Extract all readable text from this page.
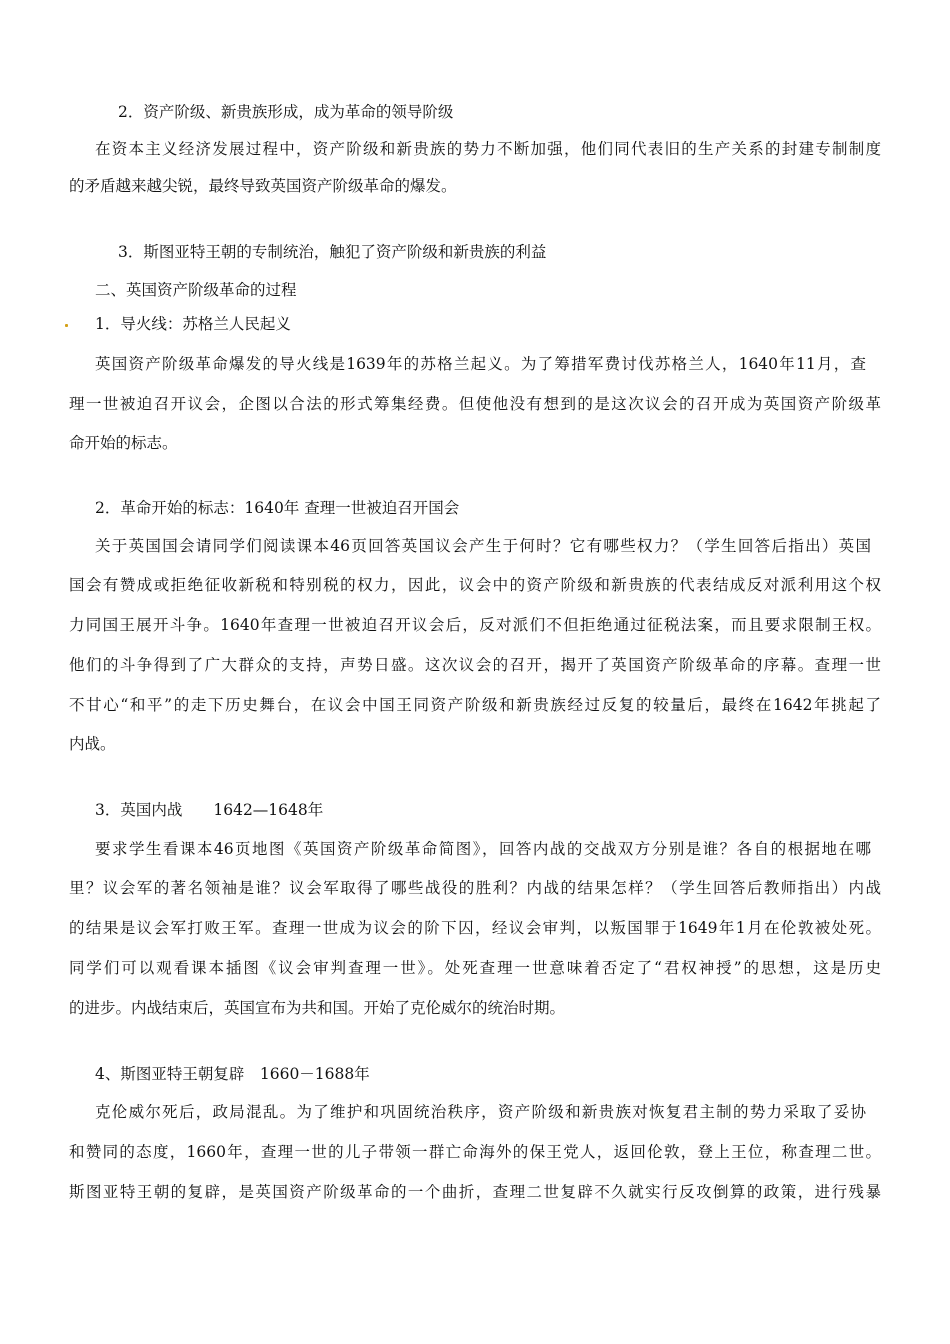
2．资产阶级、新贵族形成，成为革命的领导阶级
在资本主义经济发展过程中，资产阶级和新贵族的势力不断加强，他们同代表旧的生产关系的封建专制制度
的矛盾越来越尖锐，最终导致英国资产阶级革命的爆发。
3．斯图亚特王朝的专制统治，触犯了资产阶级和新贵族的利益
二、英国资产阶级革命的过程
1．导火线：苏格兰人民起义
英国资产阶级革命爆发的导火线是1639年的苏格兰起义。为了筹措军费讨伐苏格兰人，1640年11月，查
理一世被迫召开议会，企图以合法的形式筹集经费。但使他没有想到的是这次议会的召开成为英国资产阶级革
命开始的标志。
2．革命开始的标志：1640年 查理一世被迫召开国会
关于英国国会请同学们阅读课本46页回答英国议会产生于何时？它有哪些权力？（学生回答后指出）英国
国会有赞成或拒绝征收新税和特别税的权力，因此，议会中的资产阶级和新贵族的代表结成反对派利用这个权
力同国王展开斗争。1640年查理一世被迫召开议会后，反对派们不但拒绝通过征税法案，而且要求限制王权。
他们的斗争得到了广大群众的支持，声势日盛。这次议会的召开，揭开了英国资产阶级革命的序幕。查理一世
不甘心“和平”的走下历史舞台，在议会中国王同资产阶级和新贵族经过反复的较量后，最终在1642年挑起了
内战。
3．英国内战　　1642—1648年
要求学生看课本46页地图《英国资产阶级革命简图》，回答内战的交战双方分别是谁？各自的根据地在哪
里？议会军的著名领袖是谁？议会军取得了哪些战役的胜利？内战的结果怎样？（学生回答后教师指出）内战
的结果是议会军打败王军。查理一世成为议会的阶下囚，经议会审判，以叛国罪于1649年1月在伦敦被处死。
同学们可以观看课本插图《议会审判查理一世》。处死查理一世意味着否定了“君权神授”的思想，这是历史
的进步。内战结束后，英国宣布为共和国。开始了克伦威尔的统治时期。
4、斯图亚特王朝复辟　1660－1688年
克伦威尔死后，政局混乱。为了维护和巩固统治秩序，资产阶级和新贵族对恢复君主制的势力采取了妥协
和赞同的态度，1660年，查理一世的儿子带领一群亡命海外的保王党人，返回伦敦，登上王位，称查理二世。
斯图亚特王朝的复辟，是英国资产阶级革命的一个曲折，查理二世复辟不久就实行反攻倒算的政策，进行残暴
